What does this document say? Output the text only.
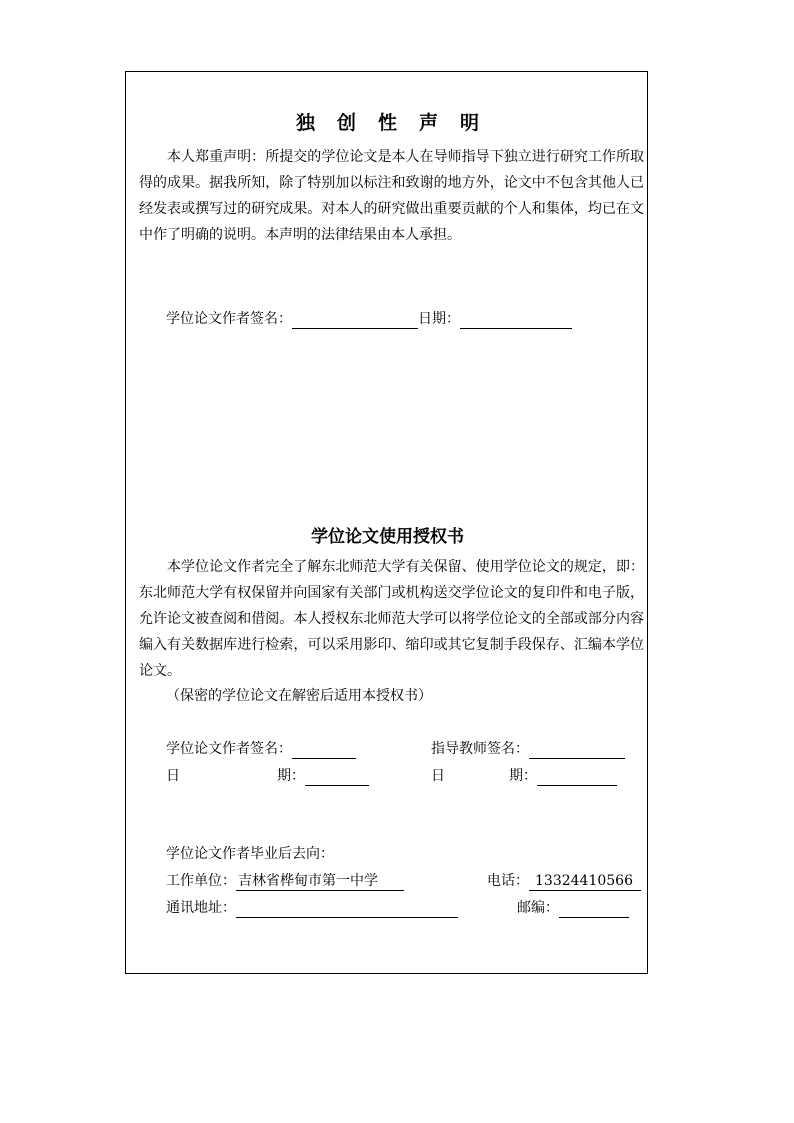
独创性声明
本人郑重声明：所提交的学位论文是本人在导师指导下独立进行研究工作所取得的成果。据我所知，除了特别加以标注和致谢的地方外，论文中不包含其他人已经发表或撰写过的研究成果。对本人的研究做出重要贡献的个人和集体，均已在文中作了明确的说明。本声明的法律结果由本人承担。
学位论文作者签名：	日期：
学位论文使用授权书
本学位论文作者完全了解东北师范大学有关保留、使用学位论文的规定，即：东北师范大学有权保留并向国家有关部门或机构送交学位论文的复印件和电子版，允许论文被查阅和借阅。本人授权东北师范大学可以将学位论文的全部或部分内容编入有关数据库进行检索，可以采用影印、缩印或其它复制手段保存、汇编本学位论文。
（保密的学位论文在解密后适用本授权书）
学位论文作者签名：	指导教师签名：
日	期：	日	期：
学位论文作者毕业后去向：
工作单位： 吉林省桦甸市第一中学	电话： 13324410566
通讯地址：	邮编：
